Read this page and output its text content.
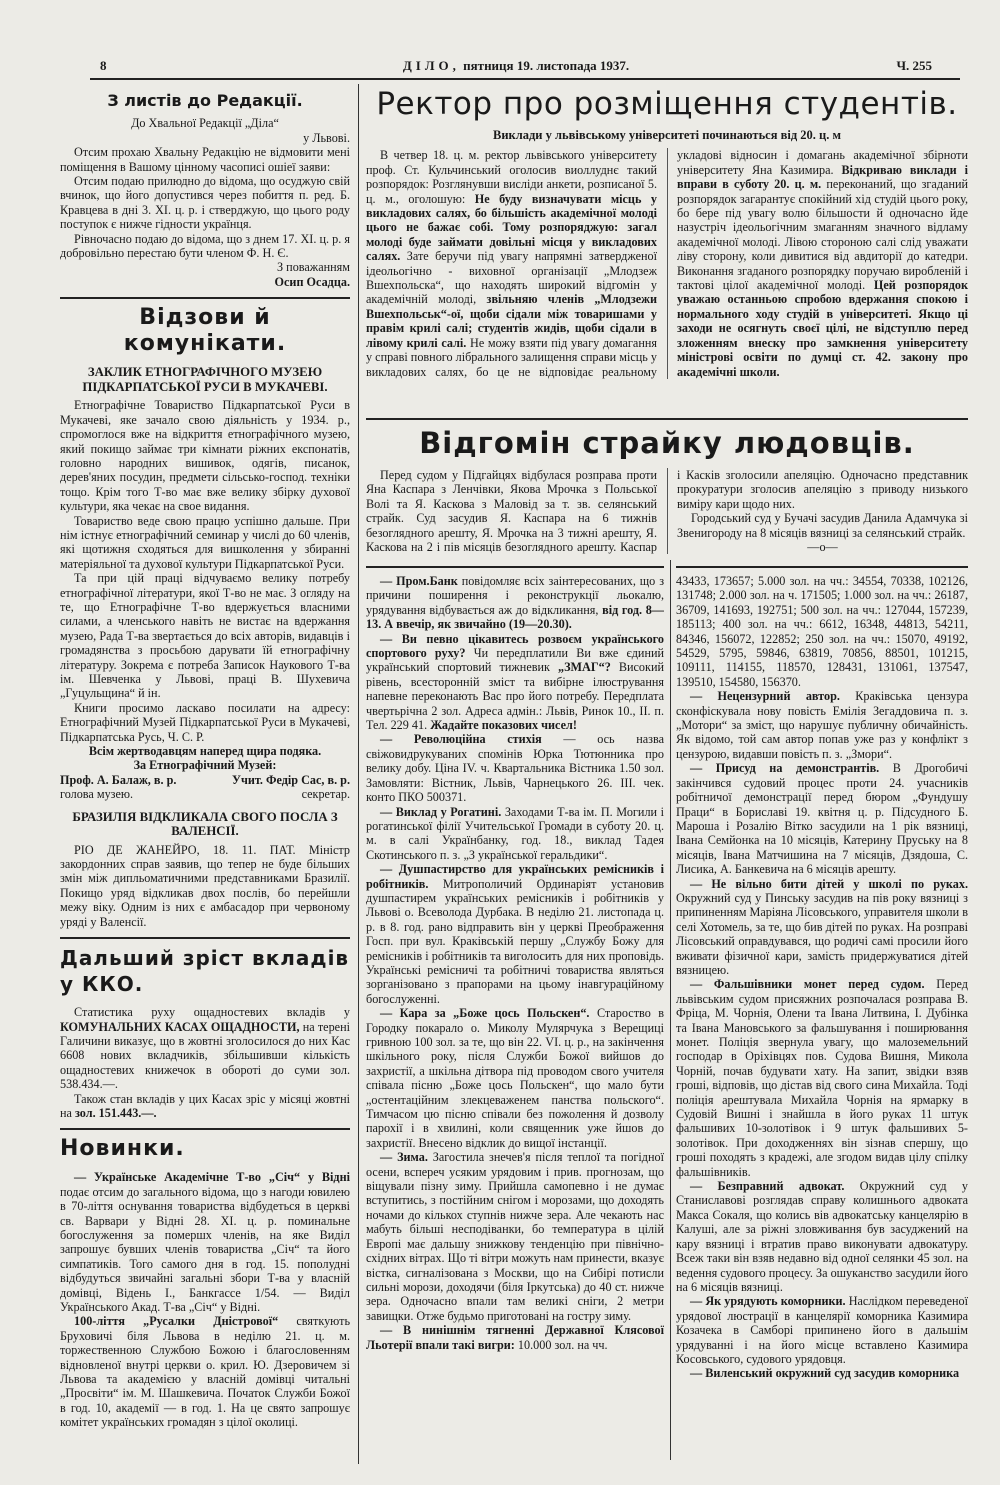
8	ДІЛО, пятниця 19. листопада 1937.	Ч. 255
З листів до Редакції.

До Хвальної Редакції „Діла“

у Львові.

Отсим прохаю Хвальну Редакцію не відмовити мені поміщення в Вашому цінному часописі ошіеї заяви:

Отсим подаю прилюдно до відома, що осуджую свій вчинок, що його допустився через побиття п. ред. Б. Кравцева в дні 3. XI. ц. р. і стверджую, що цього роду поступок є нижче гідности українця.

Рівночасно подаю до відома, що з днем 17. XI. ц. р. я добровільно перестаю бути членом Ф. Н. Є.

З поважанням

Осип Осадца.

Відзови й комунікати.
ЗАКЛИК ЕТНОГРАФІЧНОГО МУЗЕЮ ПІДКАРПАТСЬКОЇ РУСИ В МУКАЧЕВІ.

Етнографічне Товариство Підкарпатської Руси в Мукачеві, яке зачало свою діяльність у 1934. р., спромоглося вже на відкриття етнографічного музею, який покищо займає три кімнати ріжних експонатів, головно народних вишивок, одягів, писанок, дерев'яних посудин, предмети сільсько-господ. техніки тощо. Крім того Т-во має вже велику збірку духової культури, яка чекає на свое видання.

Товариство веде свою працю успішно дальше. При нім істнує етнографічний семинар у числі до 60 членів, які щотижня сходяться для вишколення у збиранні матеріяльної та духової культури Підкарпатської Руси.

Та при цій праці відчуваємо велику потребу етнографічної літератури, якої Т-во не має. З огляду на те, що Етнографічне Т-во вдержується власними силами, а членського навіть не вистає на вдержання музею, Рада Т-ва звертається до всіх авторів, видавців і громадянства з просьбою дарувати їй етнографічну літературу. Зокрема є потреба Записок Наукового Т-ва ім. Шевченка у Львові, праці В. Шухевича „Гуцульщина“ й ін.

Книги просимо ласкаво посилати на адресу: Етнографічний Музей Підкарпатської Руси в Мукачеві, Підкарпатська Русь, Ч. С. Р.

Всім жертводавцям наперед щира подяка.

За Етнографічний Музей:

Проф. А. Балаж, в. р.	Учит. Федір Сас, в. р.
голова музею.	секретар.
БРАЗИЛІЯ ВІДКЛИКАЛА СВОГО ПОСЛА З ВАЛЕНСІЇ.

РІО ДЕ ЖАНЕЙРО, 18. 11. ПАТ. Міністр закордонних справ заявив, що тепер не буде більших змін між дипльоматичними представниками Бразилії. Покищо уряд відкликав двох послів, бо перейшли межу віку. Одним із них є амбасадор при червоному уряді у Валенсії.

Дальший зріст вкладів у ККО.

Статистика руху ощадностевих вкладів у КОМУНАЛЬНИХ КАСАХ ОЩАДНОСТИ, на терені Галичини виказує, що в жовтні зголосилося до них Кас 6608 нових вкладчиків, збільшивши кількість ощадностевих книжечок в оборотi до суми зол. 538.434.—.

Також стан вкладів у цих Касах зріс у місяці жовтні на зол. 151.443.—.

Новинки.

— Українське Академічне Т-во „Січ“ у Відні подає отсим до загального відома, що з нагоди ювилею в 70-ліття оснування товариства відбудеться в церкві св. Варвари у Відні 28. XI. ц. р. поминальне богослуження за помершх членів, на яке Виділ запрошує бувших членів товариства „Січ“ та його симпатиків. Того самого дня в год. 15. пополудні відбудуться звичайні загальні збори Т-ва у власній домівці, Відень І., Банкгассе 1/54. — Виділ Українського Акад. Т-ва „Січ“ у Відні.

100-ліття „Русалки Дністрової“ святкують Бруховичі біля Львова в неділю 21. ц. м. торжественною Службою Божою і благословенням відновленої внутрі церкви о. крил. Ю. Дзеровичем зі Львова та академією у власній домівці читальні „Просвіти“ ім. М. Шашкевича. Початок Служби Божої в год. 10, академії — в год. 1. На це свято запрошує комітет українських громадян з цілої околиці.

Ректор про розміщення студентів.
Виклади у львівському університеті починаються від 20. ц. м

В четвер 18. ц. м. ректор львівського університету проф. Ст. Кульчинський оголосив виоллуднє такий розпорядок: Розглянувши висліди анкети, розписаної 5. ц. м., оголошую: Не буду визначувати місць у викладових салях, бо більшість академічної молоді цього не бажає собі. Тому розпоряджую: загал молоді буде займати довільні місця у викладових салях. Зате беручи під увагу напрямні затвердженої ідеольогічно - виховної організації „Млодзеж Вшехпольска“, що находять широкий відгомін у академічній молоді, звільняю членів „Млодзежи Вшехпольськ“-ої, щоби сідали між товаришами у правім крилі салі; студентів жидів, щоби сідали в лівому крилі салі. Не можу взяти під увагу домагання у справі повного лібрального залищення справи місць у викладових салях, бо це не відповідає реальному укладові відносин і домагань академічної збірноти університету Яна Казимира. Відкриваю виклади і вправи в суботу 20. ц. м. переконаний, що згаданий розпорядок загарантує спокійний хід студій цього року, бо бере під увагу волю більшости й одночасно йде назустріч ідеольогічним змаганням значного відламу академічної молоді. Лівою стороною салі слід уважати ліву сторону, коли дивитися від авдиторії до катедри. Виконання згаданого розпорядку поручаю виробленій і тактові цілої академічної молоді. Цей розпорядок уважаю останньою спробою вдержання спокою і нормального ходу студій в університеті. Якщо ці заходи не осягнуть своєї цілі, не відступлю перед зложенням внеску про замкнення університету міністрові освіти по думці ст. 42. закону про академічні школи.

Відгомін страйку людовців.

Перед судом у Підгайцях відбулася розправа проти Яна Каспара з Ленчівки, Якова Мрочка з Польської Волі та Я. Каскова з Маловід за т. зв. селянський страйк. Суд засудив Я. Каспара на 6 тижнів безоглядного арешту, Я. Мрочка на 3 тижні арешту, Я. Каскова на 2 і пів місяців безоглядного арешту. Каспар і Касків зголосили апеляцію. Одночасно представник прокуратури зголосив апеляцію з приводу низького виміру кари щодо них.

Городський суд у Бучачі засудив Данила Адамчука зі Звенигороду на 8 місяців вязниці за селянський страйк.

—o—

— Пром.Банк повідомляє всіх заінтересованих, що з причини поширення і реконструкції льокалю, урядування відбувається аж до відкликання, від год. 8—13. А ввечір, як звичайно (19—20.30).

— Ви певно цікавитесь розвоєм українського спортового руху? Чи передплатили Ви вже єдиний український спортовий тижневик „ЗМАГ“? Високий рівень, всесторонній зміст та вибірне ілюстрування напевне переконають Вас про його потребу. Передплата чвертьрічна 2 зол. Адреса адмін.: Львів, Ринок 10., ІІ. п. Тел. 229 41. Жадайте показових чисел!

— Революційна стихія — ось назва свіжовидрукуваних спомінів Юрка Тютюнника про велику добу. Ціна IV. ч. Квартальника Вістника 1.50 зол. Замовляти: Вістник, Львів, Чарнецького 26. ІІІ. чек. конто ПКО 500371.

— Виклад у Рогатині. Заходами Т-ва ім. П. Могили і рогатинської філії Учительської Громади в суботу 20. ц. м. в салі Українбанку, год. 18., виклад Тадея Скотинського п. з. „З української геральдики“.

— Душпастирство для українських ремісників і робітників. Митрополичий Ординаріят установив душпастирем українських ремісників і робітників у Львові о. Всеволода Дурбака. В неділю 21. листопада ц. р. в 8. год. рано відправить він у церкві Преображення Госп. при вул. Краківській першу „Службу Божу для ремісників і робітників та виголосить для них проповідь. Українські ремісничі та робітничі товариства являться зорганізовано з прапорами на цьому інавгураційному богослуженні.

— Кара за „Боже цось Польскен“. Староство в Городку покарало о. Миколу Мулярчука з Верещиці гривною 100 зол. за те, що він 22. VI. ц. р., на закінчення шкільного року, після Служби Божої вийшов до захристії, а шкільна дітвора під проводом свого учителя співала пісню „Боже цось Польскен“, що мало бути „остентаційним злекцеваженем панства польского“. Тимчасом цю пісню співали без пожолення й дозволу парохії і в хвилині, коли священник уже йшов до захристії. Внесено відклик до вищої інстанції.

— Зима. Загостила знечев'я після теплої та погідної осени, вспереч усяким урядовим і прив. прогнозам, що віщували пізну зиму. Прийшла самопевно і не думає вступитись, з постійним снігом і морозами, що доходять ночами до кількох ступнів нижче зера. Але чекають нас мабуть більші несподіванки, бо температура в цілій Европі має дальшу знижкову тенденцію при північно-східних вітрах. Що ті вітри можуть нам принести, вказує вістка, сигналізована з Москви, що на Сибірі потисли сильні морози, доходячи (біля Іркутська) до 40 ст. нижче зера. Одночасно впали там великі сніги, 2 метри завищки. Отже будьмо приготовані на гостру зиму.

— В нинішнім тягненні Державної Клясової Льотерії впали такі вигри: 10.000 зол. на чч.

43433, 173657; 5.000 зол. на чч.: 34554, 70338, 102126, 131748; 2.000 зол. на ч. 171505; 1.000 зол. на чч.: 26187, 36709, 141693, 192751; 500 зол. на чч.: 127044, 157239, 185113; 400 зол. на чч.: 6612, 16348, 44813, 54211, 84346, 156072, 122852; 250 зол. на чч.: 15070, 49192, 54529, 5795, 59846, 63819, 70856, 88501, 101215, 109111, 114155, 118570, 128431, 131061, 137547, 139510, 154580, 156370.

— Нецензурний автор. Краківська цензура сконфіскувала нову повість Емілія Зегаддовича п. з. „Мотори“ за зміст, що нарушує публичну обичайність. Як відомо, той сам автор попав уже раз у конфлікт з цензурою, видавши повість п. з. „Змори“.

— Присуд на демонстрантів. В Дрогобичі закінчився судовий процес проти 24. учасників робітничої демонстрації перед бюром „Фундушу Праци“ в Бориславі 19. квітня ц. р. Підсудного Б. Мароша і Розалію Вітко засудили на 1 рік вязниці, Івана Семйонка на 10 місяців, Катерину Пруську на 8 місяців, Івана Матчишина на 7 місяців, Дзядоша, С. Лисика, А. Банкевича на 6 місяців арешту.

— Не вільно бити дітей у школі по руках. Окружний суд у Пинську засудив на пів року вязниці з припиненням Маріяна Лісовського, управителя школи в селі Хотомель, за те, що бив дітей по руках. На розправі Лісовський оправдувався, що родичі самі просили його вживати фізичної кари, замість придержуватися дітей вязницею.

— Фальшівники монет перед судом. Перед львівським судом присяжних розпочалася розправа В. Фріца, М. Чорнія, Олени та Івана Литвина, І. Дубінка та Івана Мановського за фальшування і поширювання монет. Поліція звернула увагу, що малоземельний господар в Оріхівцях пов. Судова Вишня, Микола Чорній, почав будувати хату. На запит, звідки взяв гроші, відповів, що дістав від свого сина Михайла. Тоді поліція арештувала Михайла Чорнія на ярмарку в Судовій Вишні і знайшла в його руках 11 штук фальшивих 10-золотівок і 9 штук фальшивих 5-золотівок. При доходженнях він зізнав спершу, що гроші походять з крадежі, але згодом видав цілу спілку фальшівників.

— Безправний адвокат. Окружний суд у Станиславові розглядав справу колишнього адвоката Макса Сокаля, що колись вів адвокатську канцелярію в Калуші, але за ріжні зловживання був засуджений на кару вязниці і втратив право виконувати адвокатуру. Всеж таки він взяв недавно від одної селянки 45 зол. на ведення судового процесу. За ошуканство засудили його на 6 місяців вязниці.

— Як урядують коморники. Наслідком переведеної урядової люстрації в канцелярії коморника Казимира Козачека в Самборі припинено його в дальшім урядуванні і на його місце вставлено Казимира Косовського, судового урядовця.

— Виленський окружний суд засудив коморника
